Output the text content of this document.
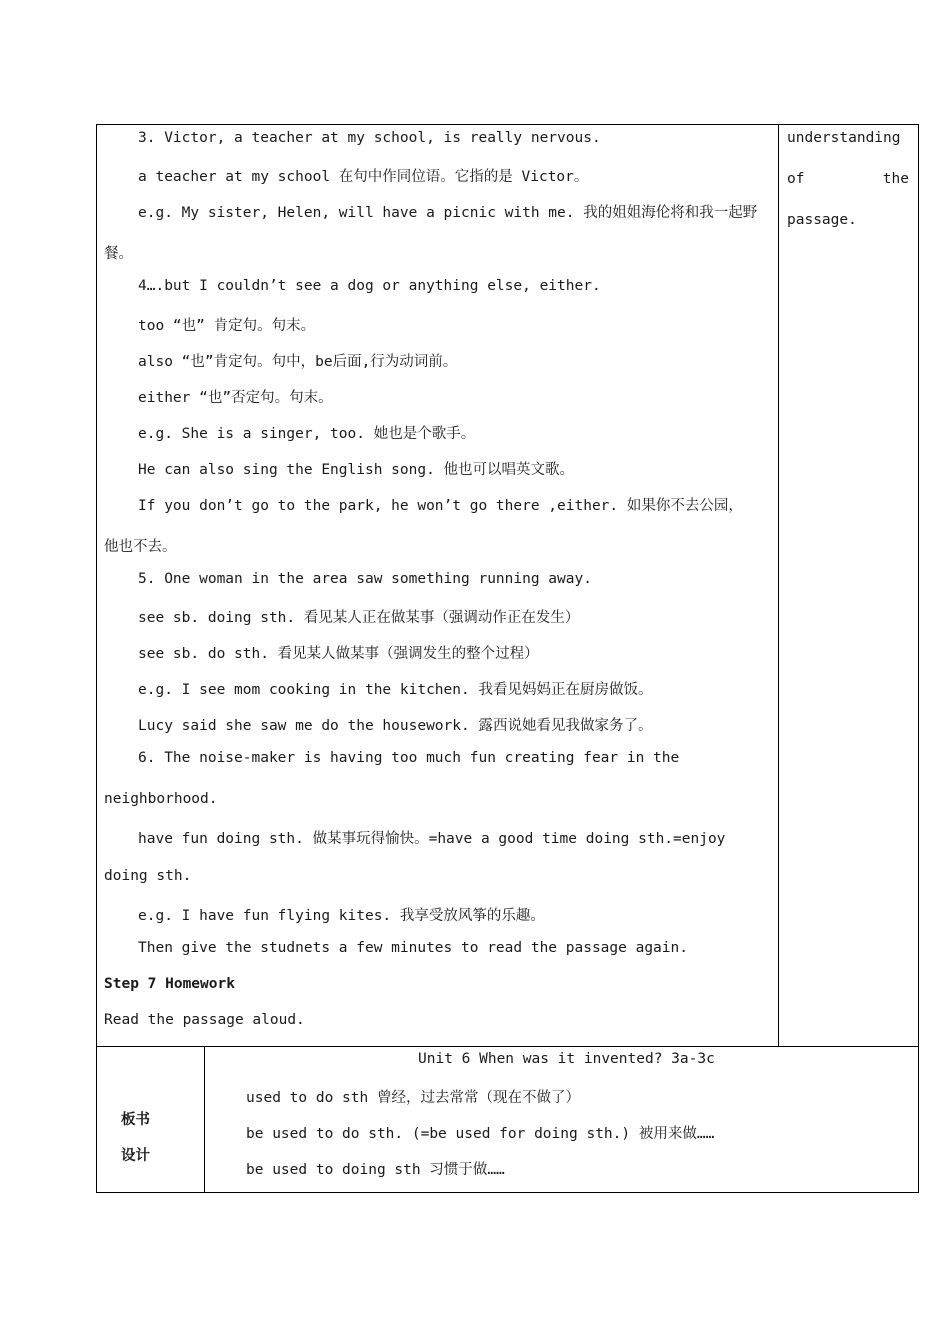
3. Victor, a teacher at my school, is really nervous.
a teacher at my school 在句中作同位语。它指的是 Victor。
e.g. My sister, Helen, will have a picnic with me. 我的姐姐海伦将和我一起野
餐。
4….but I couldn’t see a dog or anything else, either.
too “也” 肯定句。句末。
also “也”肯定句。句中，be后面,行为动词前。
either “也”否定句。句末。
e.g. She is a singer, too. 她也是个歌手。
He can also sing the English song. 他也可以唱英文歌。
If you don’t go to the park, he won’t go there ,either. 如果你不去公园，
他也不去。
5. One woman in the area saw something running away.
see sb. doing sth. 看见某人正在做某事（强调动作正在发生）
see sb. do sth. 看见某人做某事（强调发生的整个过程）
e.g. I see mom cooking in the kitchen. 我看见妈妈正在厨房做饭。
Lucy said she saw me do the housework. 露西说她看见我做家务了。
6. The noise-maker is having too much fun creating fear in the
neighborhood.
have fun doing sth. 做某事玩得愉快。=have a good time doing sth.=enjoy
doing sth.
e.g. I have fun flying kites. 我享受放风筝的乐趣。
Then give the studnets a few minutes to read the passage again.
Step 7 Homework
Read the passage aloud.
understanding
of	the
passage.
板书
设计
Unit 6 When was it invented? 3a-3c
used to do sth 曾经，过去常常（现在不做了）
be used to do sth. (=be used for doing sth.) 被用来做……
be used to doing sth 习惯于做……
